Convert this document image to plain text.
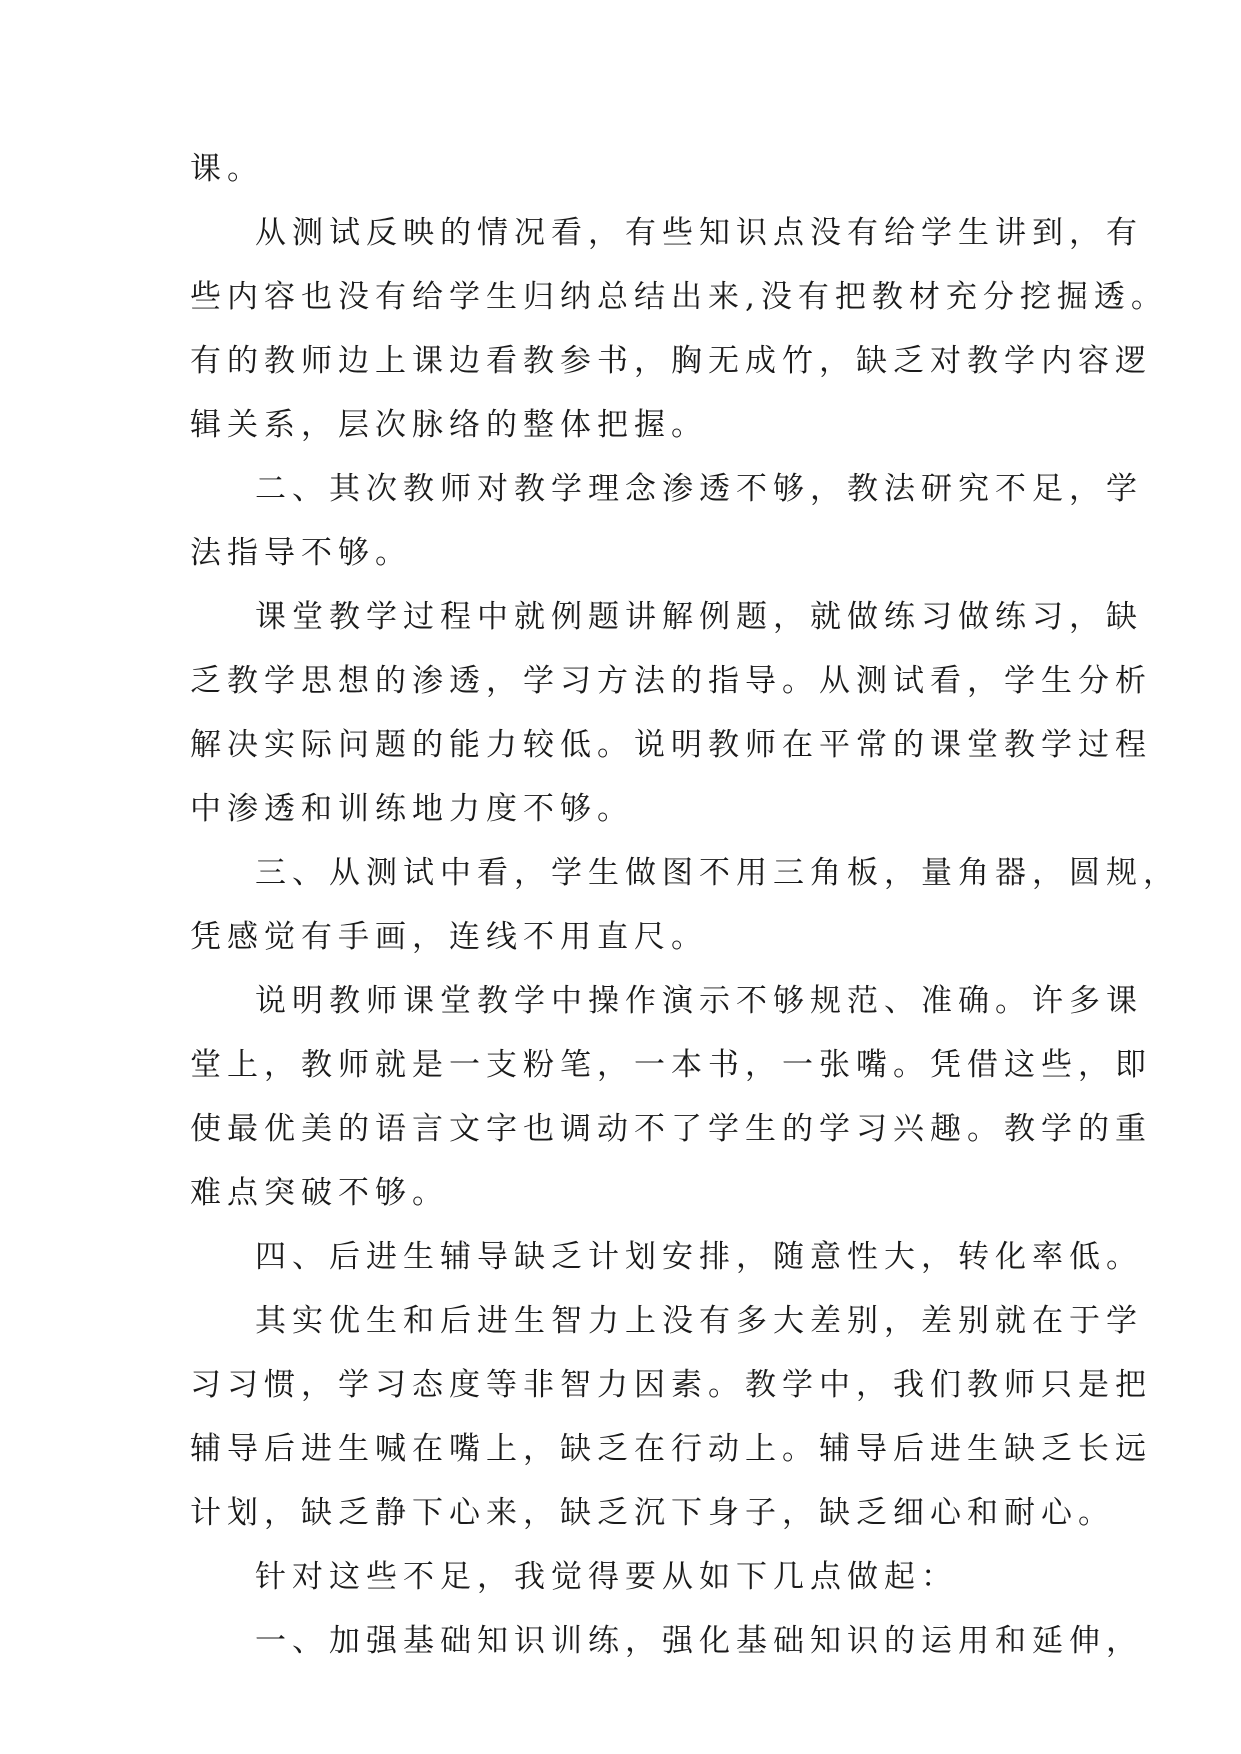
课。
从测试反映的情况看，有些知识点没有给学生讲到，有
些内容也没有给学生归纳总结出来,没有把教材充分挖掘透。
有的教师边上课边看教参书，胸无成竹，缺乏对教学内容逻
辑关系，层次脉络的整体把握。
二、其次教师对教学理念渗透不够，教法研究不足，学
法指导不够。
课堂教学过程中就例题讲解例题，就做练习做练习，缺
乏教学思想的渗透，学习方法的指导。从测试看，学生分析
解决实际问题的能力较低。说明教师在平常的课堂教学过程
中渗透和训练地力度不够。
三、从测试中看，学生做图不用三角板，量角器，圆规，
凭感觉有手画，连线不用直尺。
说明教师课堂教学中操作演示不够规范、准确。许多课
堂上，教师就是一支粉笔，一本书，一张嘴。凭借这些，即
使最优美的语言文字也调动不了学生的学习兴趣。教学的重
难点突破不够。
四、后进生辅导缺乏计划安排，随意性大，转化率低。
其实优生和后进生智力上没有多大差别，差别就在于学
习习惯，学习态度等非智力因素。教学中，我们教师只是把
辅导后进生喊在嘴上，缺乏在行动上。辅导后进生缺乏长远
计划，缺乏静下心来，缺乏沉下身子，缺乏细心和耐心。
针对这些不足，我觉得要从如下几点做起：
一、加强基础知识训练，强化基础知识的运用和延伸，
